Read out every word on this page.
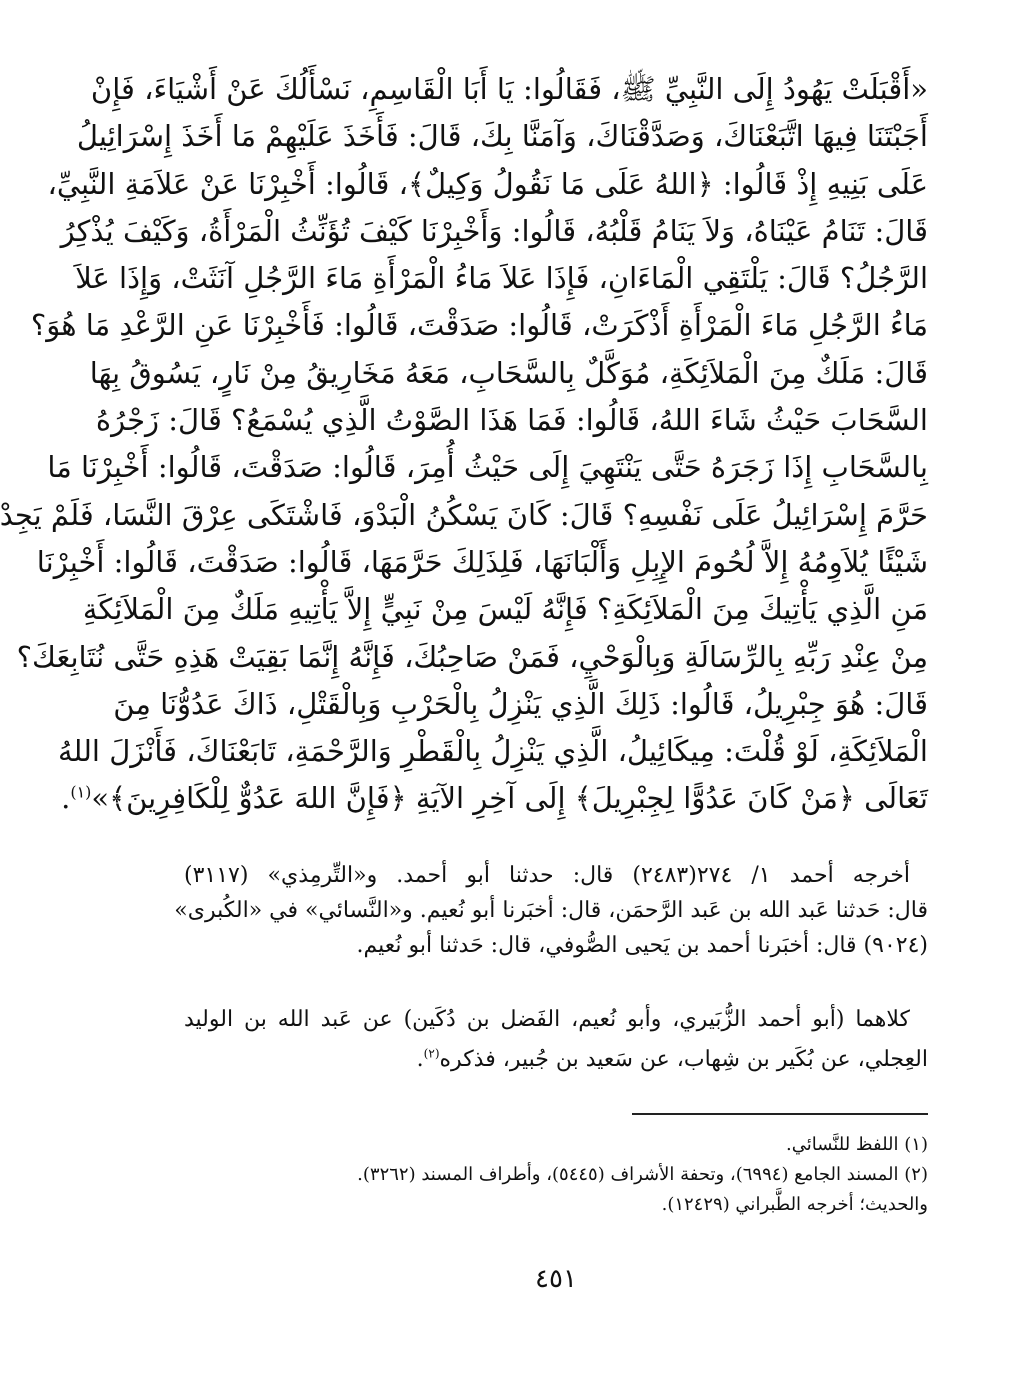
«أَقْبَلَتْ يَهُودُ إِلَى النَّبِيِّ ﷺ، فَقَالُوا: يَا أَبَا الْقَاسِمِ، نَسْأَلُكَ عَنْ أَشْيَاءَ، فَإِنْ
أَجَبْتَنَا فِيهَا اتَّبَعْنَاكَ، وَصَدَّقْنَاكَ، وَآمَنَّا بِكَ، قَالَ: فَأَخَذَ عَلَيْهِمْ مَا أَخَذَ إِسْرَائِيلُ
عَلَى بَنِيهِ إِذْ قَالُوا: ﴿اللهُ عَلَى مَا نَقُولُ وَكِيلٌ﴾، قَالُوا: أَخْبِرْنَا عَنْ عَلاَمَةِ النَّبِيِّ،
قَالَ: تَنَامُ عَيْنَاهُ، وَلاَ يَنَامُ قَلْبُهُ، قَالُوا: وَأَخْبِرْنَا كَيْفَ تُؤَنِّثُ الْمَرْأَةُ، وَكَيْفَ يُذْكِرُ
الرَّجُلُ؟ قَالَ: يَلْتَقِي الْمَاءَانِ، فَإِذَا عَلاَ مَاءُ الْمَرْأَةِ مَاءَ الرَّجُلِ آنَثَتْ، وَإِذَا عَلاَ
مَاءُ الرَّجُلِ مَاءَ الْمَرْأَةِ أَذْكَرَتْ، قَالُوا: صَدَقْتَ، قَالُوا: فَأَخْبِرْنَا عَنِ الرَّعْدِ مَا هُوَ؟
قَالَ: مَلَكٌ مِنَ الْمَلاَئِكَةِ، مُوَكَّلٌ بِالسَّحَابِ، مَعَهُ مَخَارِيقُ مِنْ نَارٍ، يَسُوقُ بِهَا
السَّحَابَ حَيْثُ شَاءَ اللهُ، قَالُوا: فَمَا هَذَا الصَّوْتُ الَّذِي يُسْمَعُ؟ قَالَ: زَجْرُهُ
بِالسَّحَابِ إِذَا زَجَرَهُ حَتَّى يَنْتَهِيَ إِلَى حَيْثُ أُمِرَ، قَالُوا: صَدَقْتَ، قَالُوا: أَخْبِرْنَا مَا
حَرَّمَ إِسْرَائِيلُ عَلَى نَفْسِهِ؟ قَالَ: كَانَ يَسْكُنُ الْبَدْوَ، فَاشْتَكَى عِرْقَ النَّسَا، فَلَمْ يَجِدْ
شَيْئًا يُلاَوِمُهُ إِلاَّ لُحُومَ الإِبِلِ وَأَلْبَانَهَا، فَلِذَلِكَ حَرَّمَهَا، قَالُوا: صَدَقْتَ، قَالُوا: أَخْبِرْنَا
مَنِ الَّذِي يَأْتِيكَ مِنَ الْمَلاَئِكَةِ؟ فَإِنَّهُ لَيْسَ مِنْ نَبِيٍّ إِلاَّ يَأْتِيهِ مَلَكٌ مِنَ الْمَلاَئِكَةِ
مِنْ عِنْدِ رَبِّهِ بِالرِّسَالَةِ وَبِالْوَحْيِ، فَمَنْ صَاحِبُكَ، فَإِنَّهُ إِنَّمَا بَقِيَتْ هَذِهِ حَتَّى نُتَابِعَكَ؟
قَالَ: هُوَ جِبْرِيلُ، قَالُوا: ذَلِكَ الَّذِي يَنْزِلُ بِالْحَرْبِ وَبِالْقَتْلِ، ذَاكَ عَدُوُّنَا مِنَ
الْمَلاَئِكَةِ، لَوْ قُلْتَ: مِيكَائِيلُ، الَّذِي يَنْزِلُ بِالْقَطْرِ وَالرَّحْمَةِ، تَابَعْنَاكَ، فَأَنْزَلَ اللهُ
تَعَالَى ﴿مَنْ كَانَ عَدُوًّا لِجِبْرِيلَ﴾ إِلَى آخِرِ الآيَةِ ﴿فَإِنَّ اللهَ عَدُوٌّ لِلْكَافِرِينَ﴾»$^{(١)}$.
أخرجه أحمد ١/ ٢٧٤(٢٤٨٣) قال: حدثنا أبو أحمد. و«التِّرمِذي» (٣١١٧)
قال: حَدثنا عَبد الله بن عَبد الرَّحمَن، قال: أخبَرنا أبو نُعيم. و«النَّسائي» في «الكُبرى»
(٩٠٢٤) قال: أخبَرنا أحمد بن يَحيى الصُّوفي، قال: حَدثنا أبو نُعيم.
كلاهما (أبو أحمد الزُّبَيري، وأبو نُعيم، الفَضل بن دُكَين) عن عَبد الله بن الوليد
العِجلي، عن بُكَير بن شِهاب، عن سَعيد بن جُبير، فذكره$^{(٢)}$.
(١) اللفظ للنَّسائي.
(٢) المسند الجامع (٦٩٩٤)، وتحفة الأشراف (٥٤٤٥)، وأطراف المسند (٣٢٦٢).
والحديث؛ أخرجه الطَّبراني (١٢٤٢٩).
٤٥١
